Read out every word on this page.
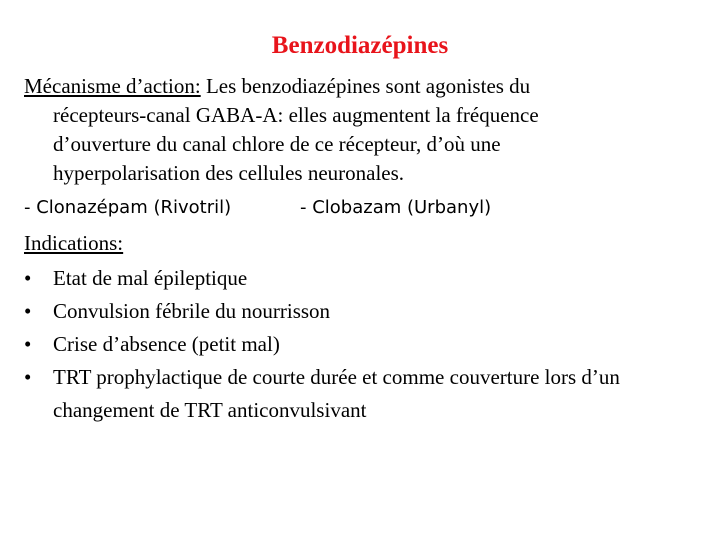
Benzodiazépines
Mécanisme d’action: Les benzodiazépines sont agonistes du
récepteurs-canal GABA-A: elles augmentent la fréquence
d’ouverture du canal chlore de ce récepteur, d’où une
hyperpolarisation des cellules neuronales.
- Clonazépam (Rivotril)	- Clobazam (Urbanyl)
Indications:
• Etat de mal épileptique
• Convulsion fébrile du nourrisson
• Crise d’absence (petit mal)
• TRT prophylactique de courte durée et comme couverture lors d’un changement de TRT anticonvulsivant
